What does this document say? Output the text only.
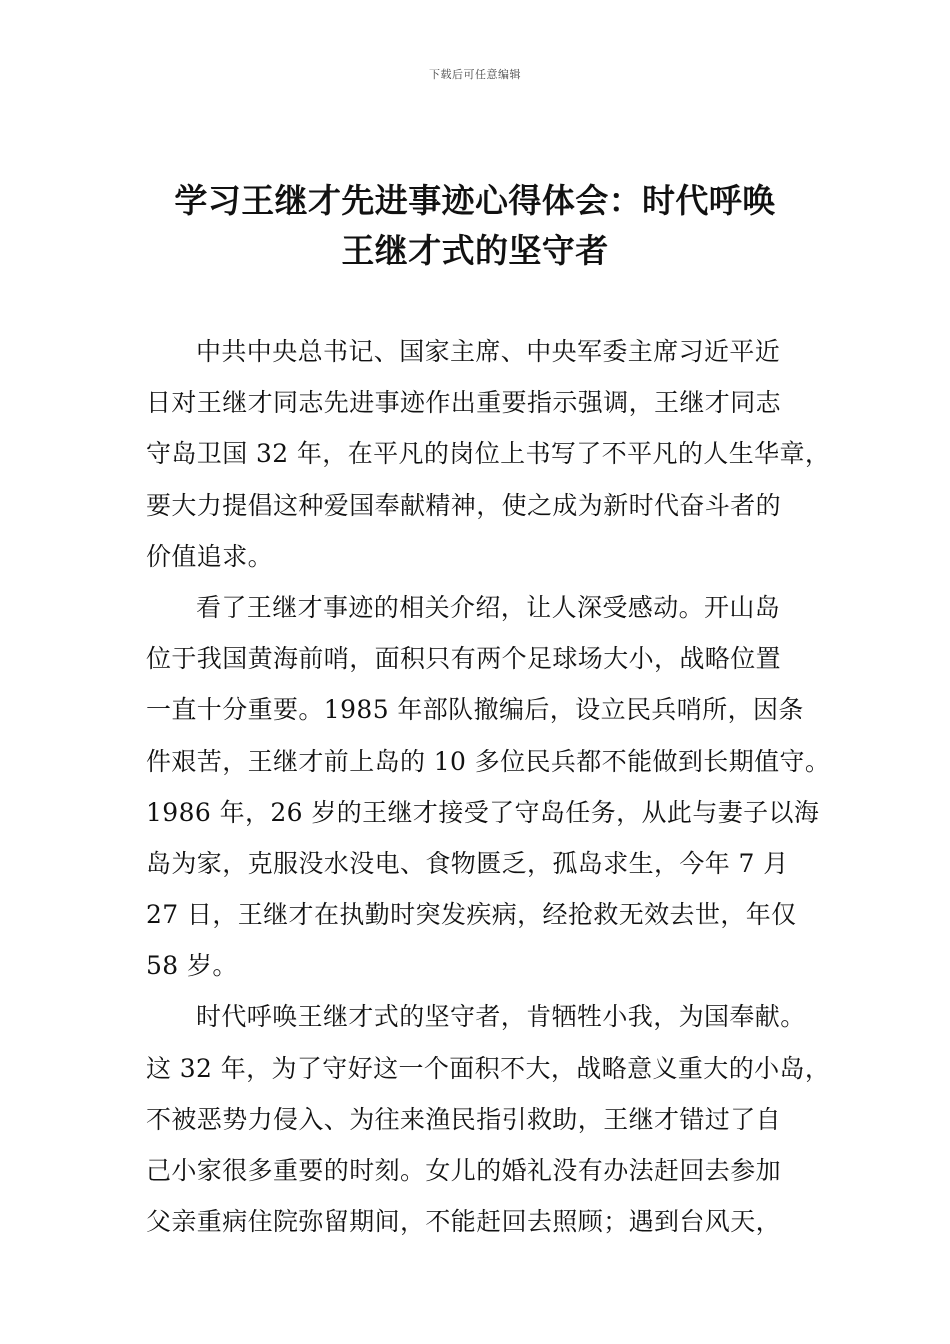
下载后可任意编辑
学习王继才先进事迹心得体会：时代呼唤
王继才式的坚守者
中共中央总书记、国家主席、中央军委主席习近平近
日对王继才同志先进事迹作出重要指示强调，王继才同志
守岛卫国 32 年，在平凡的岗位上书写了不平凡的人生华章，
要大力提倡这种爱国奉献精神，使之成为新时代奋斗者的
价值追求。
看了王继才事迹的相关介绍，让人深受感动。开山岛
位于我国黄海前哨，面积只有两个足球场大小，战略位置
一直十分重要。1985 年部队撤编后，设立民兵哨所，因条
件艰苦，王继才前上岛的 10 多位民兵都不能做到长期值守。
1986 年，26 岁的王继才接受了守岛任务，从此与妻子以海
岛为家，克服没水没电、食物匮乏，孤岛求生，今年 7 月
27 日，王继才在执勤时突发疾病，经抢救无效去世，年仅
58 岁。
时代呼唤王继才式的坚守者，肯牺牲小我，为国奉献。
这 32 年，为了守好这一个面积不大，战略意义重大的小岛，
不被恶势力侵入、为往来渔民指引救助，王继才错过了自
己小家很多重要的时刻。女儿的婚礼没有办法赶回去参加
父亲重病住院弥留期间，不能赶回去照顾；遇到台风天，
